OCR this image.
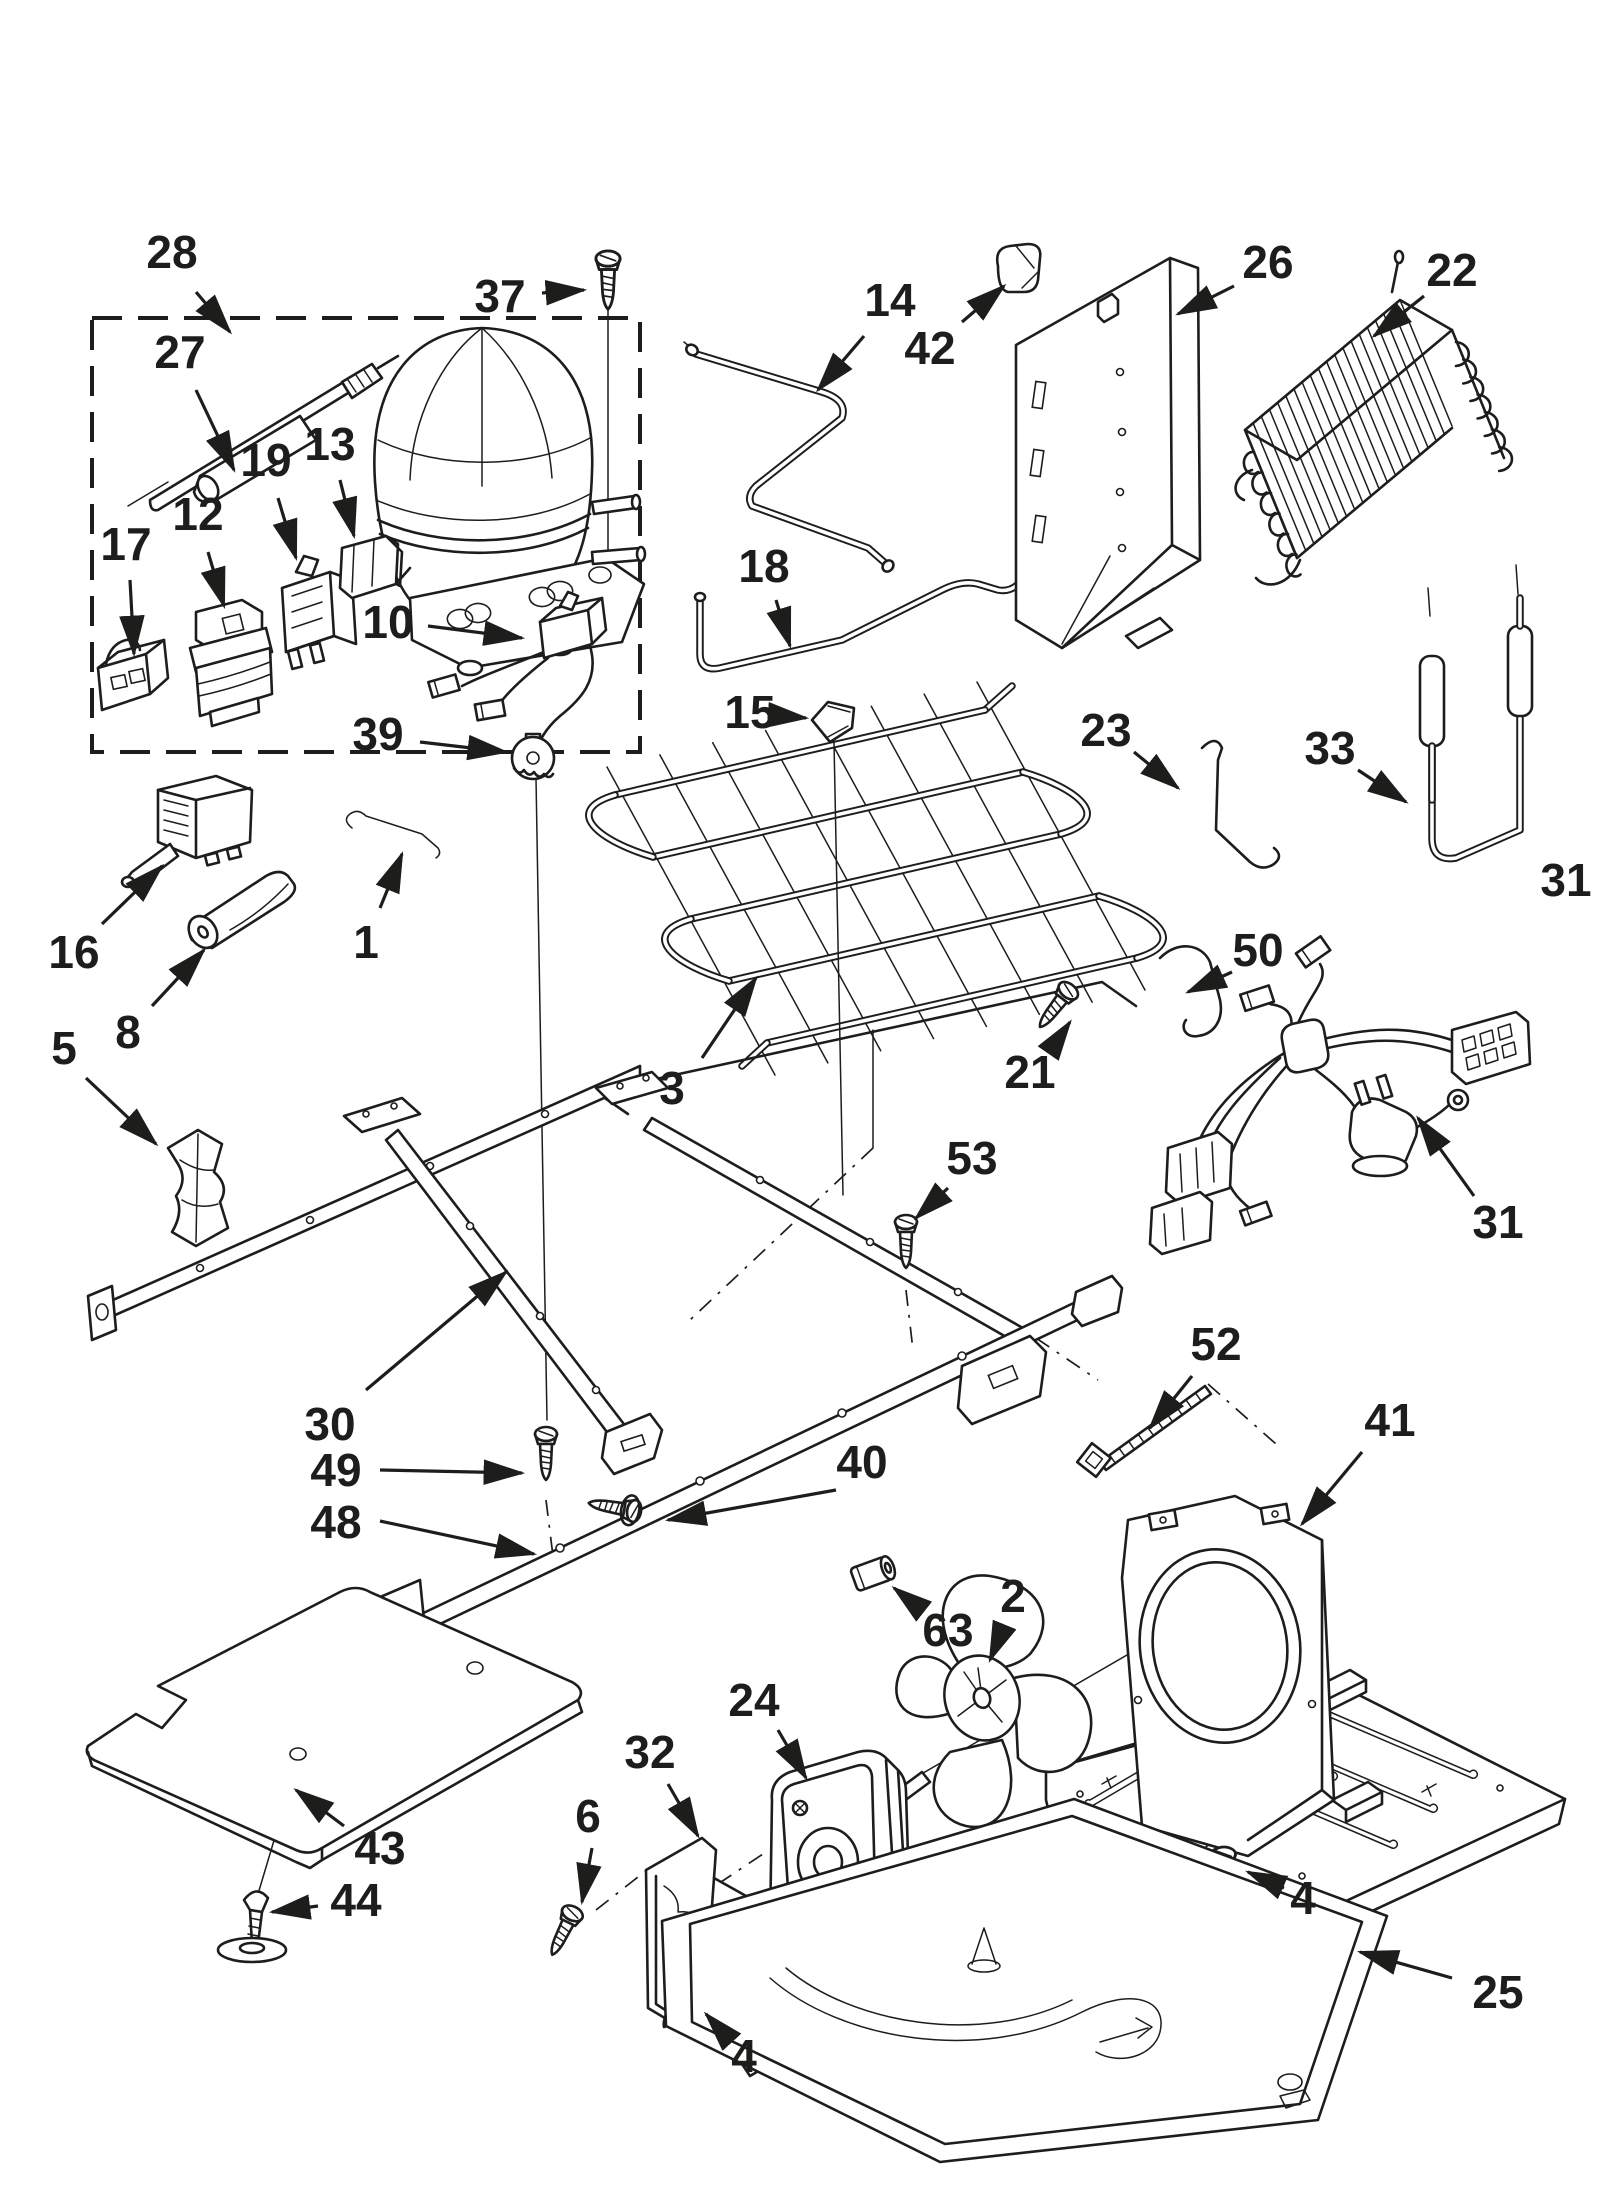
28
37
27
14
42
26	22
19 13
12
17
10
18
39	15	23	33
16
8
1
5
3	21
50
31
31
53
30
49
48
40
52
41
63
2
24
32
6
43
44
4
4
25
